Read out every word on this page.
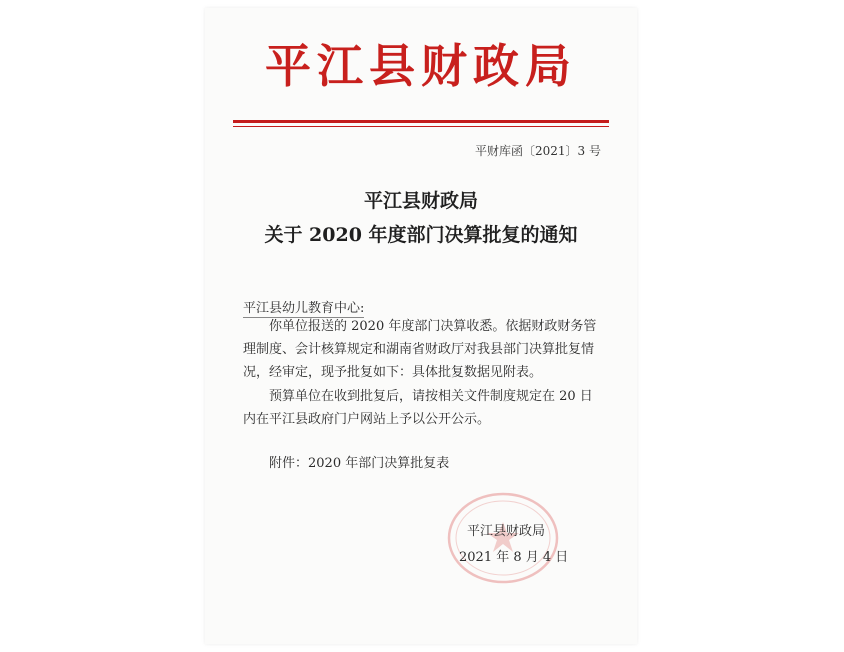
平江县财政局
平财库函〔2021〕3 号
平江县财政局
关于 2020 年度部门决算批复的通知
平江县幼儿教育中心:

你单位报送的 2020 年度部门决算收悉。依据财政财务管理制度、会计核算规定和湖南省财政厅对我县部门决算批复情况，经审定，现予批复如下：具体批复数据见附表。

预算单位在收到批复后，请按相关文件制度规定在 20 日内在平江县政府门户网站上予以公开公示。

附件：2020 年部门决算批复表
平江县财政局
2021 年 8 月 4 日
